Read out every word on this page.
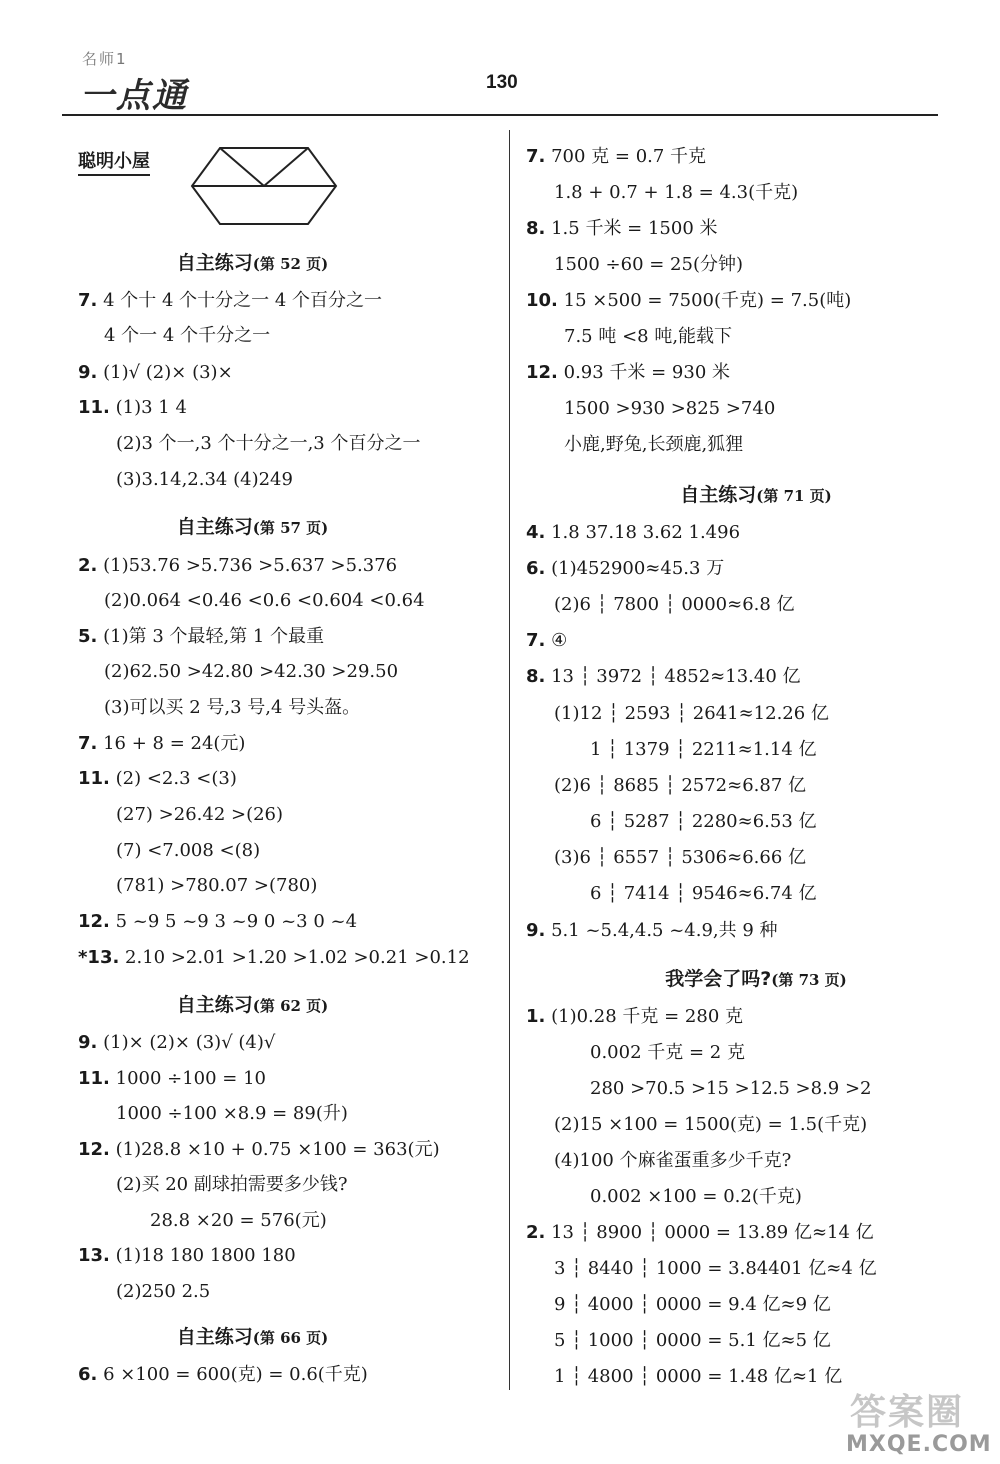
名师1
一点通	130
聪明小屋
自主练习(第 52 页)
7. 4 个十 4 个十分之一 4 个百分之一
4 个一 4 个千分之一
9. (1)√ (2)× (3)×
11. (1)3 1 4
(2)3 个一,3 个十分之一,3 个百分之一
(3)3.14,2.34 (4)249
自主练习(第 57 页)
2. (1)53.76 >5.736 >5.637 >5.376
(2)0.064 <0.46 <0.6 <0.604 <0.64
5. (1)第 3 个最轻,第 1 个最重
(2)62.50 >42.80 >42.30 >29.50
(3)可以买 2 号,3 号,4 号头盔。
7. 16 + 8 = 24(元)
11. (2) <2.3 <(3)
(27) >26.42 >(26)
(7) <7.008 <(8)
(781) >780.07 >(780)
12. 5 ~9 5 ~9 3 ~9 0 ~3 0 ~4
*13. 2.10 >2.01 >1.20 >1.02 >0.21 >0.12
自主练习(第 62 页)
9. (1)× (2)× (3)√ (4)√
11. 1000 ÷100 = 10
1000 ÷100 ×8.9 = 89(升)
12. (1)28.8 ×10 + 0.75 ×100 = 363(元)
(2)买 20 副球拍需要多少钱?
28.8 ×20 = 576(元)
13. (1)18 180 1800 180
(2)250 2.5
自主练习(第 66 页)
6. 6 ×100 = 600(克) = 0.6(千克)
7. 700 克 = 0.7 千克
1.8 + 0.7 + 1.8 = 4.3(千克)
8. 1.5 千米 = 1500 米
1500 ÷60 = 25(分钟)
10. 15 ×500 = 7500(千克) = 7.5(吨)
7.5 吨 <8 吨,能载下
12. 0.93 千米 = 930 米
1500 >930 >825 >740
小鹿,野兔,长颈鹿,狐狸
自主练习(第 71 页)
4. 1.8 37.18 3.62 1.496
6. (1)452900≈45.3 万
(2)6 ┆ 7800 ┆ 0000≈6.8 亿
7. ④
8. 13 ┆ 3972 ┆ 4852≈13.40 亿
(1)12 ┆ 2593 ┆ 2641≈12.26 亿
1 ┆ 1379 ┆ 2211≈1.14 亿
(2)6 ┆ 8685 ┆ 2572≈6.87 亿
6 ┆ 5287 ┆ 2280≈6.53 亿
(3)6 ┆ 6557 ┆ 5306≈6.66 亿
6 ┆ 7414 ┆ 9546≈6.74 亿
9. 5.1 ~5.4,4.5 ~4.9,共 9 种
我学会了吗?(第 73 页)
1. (1)0.28 千克 = 280 克
0.002 千克 = 2 克
280 >70.5 >15 >12.5 >8.9 >2
(2)15 ×100 = 1500(克) = 1.5(千克)
(4)100 个麻雀蛋重多少千克?
0.002 ×100 = 0.2(千克)
2. 13 ┆ 8900 ┆ 0000 = 13.89 亿≈14 亿
3 ┆ 8440 ┆ 1000 = 3.84401 亿≈4 亿
9 ┆ 4000 ┆ 0000 = 9.4 亿≈9 亿
5 ┆ 1000 ┆ 0000 = 5.1 亿≈5 亿
1 ┆ 4800 ┆ 0000 = 1.48 亿≈1 亿
答案圈
MXQE.COM
